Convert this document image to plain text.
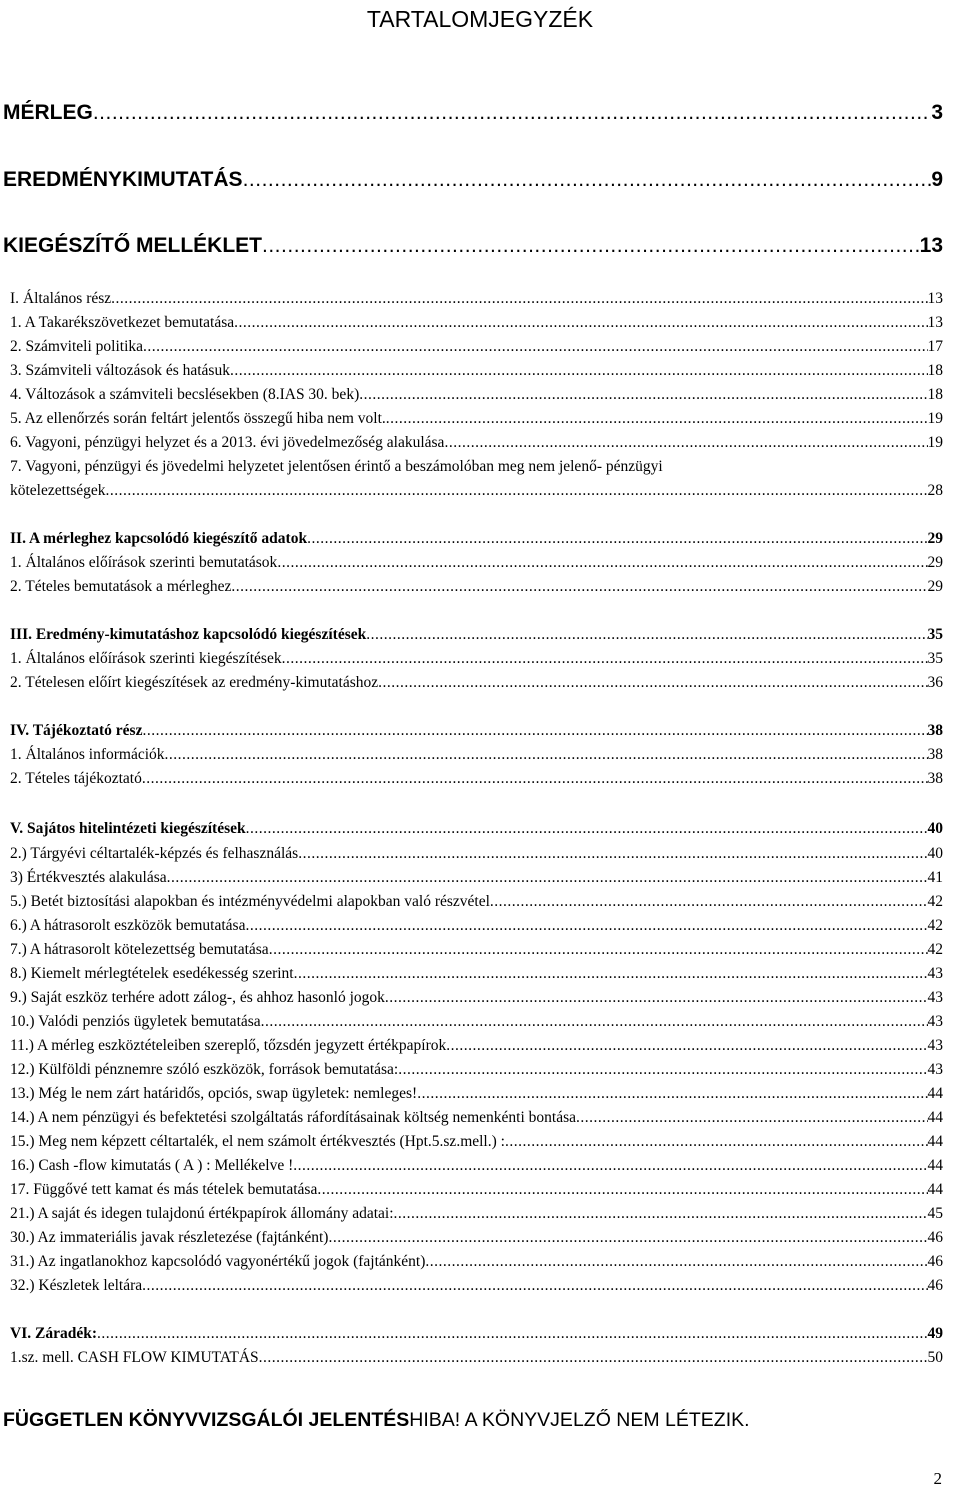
TARTALOMJEGYZÉK
MÉRLEG .....	3
EREDMÉNYKIMUTATÁS .....	9
KIEGÉSZÍTŐ MELLÉKLET .....	13
I. Általános rész .....	13
1. A Takarékszövetkezet bemutatása .....	13
2. Számviteli politika .....	17
3. Számviteli változások és hatásuk .....	18
4. Változások a számviteli becslésekben (8.IAS 30. bek) .....	18
5. Az ellenőrzés során feltárt jelentős összegű hiba nem volt. .....	19
6. Vagyoni, pénzügyi helyzet és a 2013. évi jövedelmezőség alakulása .....	19
7. Vagyoni, pénzügyi és jövedelmi helyzetet jelentősen érintő a beszámolóban meg nem jelenő- pénzügyi
kötelezettségek .....	28
II. A mérleghez kapcsolódó kiegészítő adatok .....	29
1. Általános előírások szerinti bemutatások .....	29
2. Tételes bemutatások a mérleghez .....	29
III. Eredmény-kimutatáshoz kapcsolódó kiegészítések .....	35
1. Általános előírások szerinti kiegészítések .....	35
2. Tételesen előírt kiegészítések az eredmény-kimutatáshoz .....	36
IV. Tájékoztató rész .....	38
1. Általános információk .....	38
2. Tételes tájékoztató .....	38
V. Sajátos hitelintézeti kiegészítések .....	40
2.) Tárgyévi céltartalék-képzés és felhasználás .....	40
3) Értékvesztés alakulása .....	41
5.) Betét biztosítási alapokban és intézményvédelmi alapokban való részvétel .....	42
6.) A hátrasorolt eszközök bemutatása .....	42
7.) A hátrasorolt kötelezettség bemutatása .....	42
8.) Kiemelt mérlegtételek esedékesség szerint .....	43
9.) Saját eszköz terhére adott zálog-, és ahhoz hasonló jogok .....	43
10.) Valódi penziós ügyletek bemutatása .....	43
11.) A mérleg eszköztételeiben szereplő, tőzsdén jegyzett értékpapírok .....	43
12.) Külföldi pénznemre szóló eszközök, források bemutatása: .....	43
13.) Még le nem zárt határidős, opciós, swap ügyletek: nemleges! .....	44
14.) A nem pénzügyi és befektetési szolgáltatás ráfordításainak költség nemenkénti bontása .....	44
15.) Meg nem képzett céltartalék, el nem számolt értékvesztés (Hpt.5.sz.mell.) : .....	44
16.) Cash -flow kimutatás ( A ) : Mellékelve ! .....	44
17. Függővé tett kamat és más tételek bemutatása .....	44
21.) A saját és idegen tulajdonú értékpapírok állomány adatai: .....	45
30.) Az immateriális javak részletezése (fajtánként) .....	46
31.) Az ingatlanokhoz kapcsolódó vagyonértékű jogok (fajtánként) .....	46
32.) Készletek leltára .....	46
VI. Záradék: .....	49
1.sz. mell. CASH FLOW KIMUTATÁS .....	50
FÜGGETLEN KÖNYVVIZSGÁLÓI JELENTÉSHIBA! A KÖNYVJELZŐ NEM LÉTEZIK.
2
